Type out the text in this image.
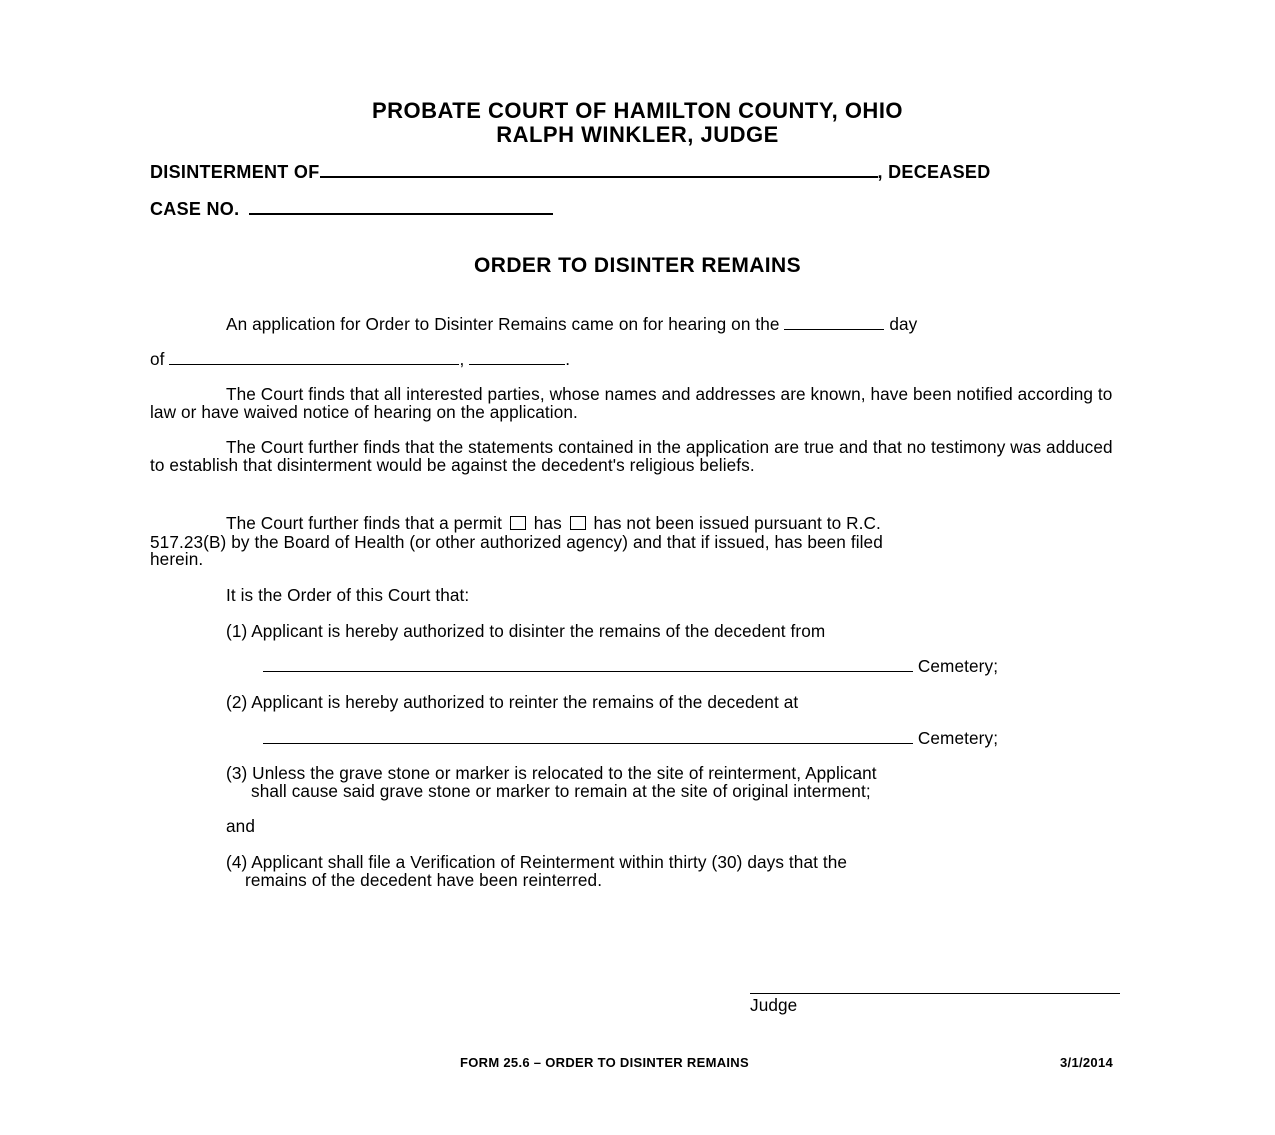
PROBATE COURT OF HAMILTON COUNTY, OHIO
RALPH WINKLER, JUDGE
DISINTERMENT OF	, DECEASED
CASE NO.
ORDER TO DISINTER REMAINS
An application for Order to Disinter Remains came on for hearing on the	day
of	,	.
The Court finds that all interested parties, whose names and addresses are known, have been notified according to law or have waived notice of hearing on the application.
The Court further finds that the statements contained in the application are true and that no testimony was adduced to establish that disinterment would be against the decedent's religious beliefs.
The Court further finds that a permit has has not been issued pursuant to R.C.
517.23(B) by the Board of Health (or other authorized agency) and that if issued, has been filed
herein.
It is the Order of this Court that:
(1) Applicant is hereby authorized to disinter the remains of the decedent from
Cemetery;
(2) Applicant is hereby authorized to reinter the remains of the decedent at
Cemetery;
(3) Unless the grave stone or marker is relocated to the site of reinterment, Applicant
shall cause said grave stone or marker to remain at the site of original interment;
and
(4) Applicant shall file a Verification of Reinterment within thirty (30) days that the
remains of the decedent have been reinterred.
Judge
FORM 25.6 – ORDER TO DISINTER REMAINS	3/1/2014
